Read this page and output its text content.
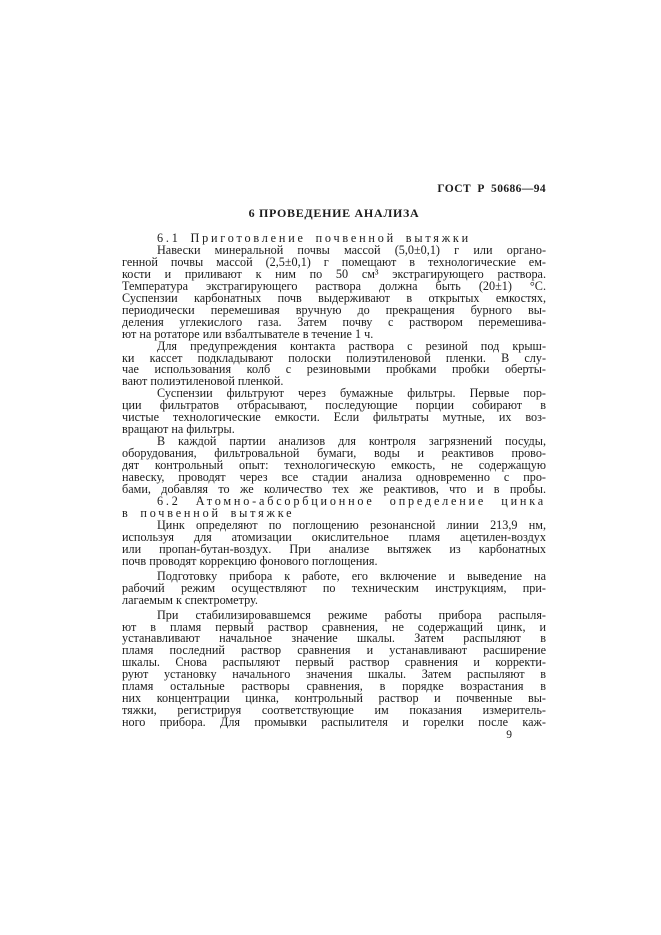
ГОСТ Р 50686—94
6 ПРОВЕДЕНИЕ АНАЛИЗА
6.1 Приготовление почвенной вытяжки
Навески минеральной почвы массой (5,0±0,1) г или органо-
генной почвы массой (2,5±0,1) г помещают в технологические ем-
кости и приливают к ним по 50 см³ экстрагирующего раствора.
Температура экстрагирующего раствора должна быть (20±1) °С.
Суспензии карбонатных почв выдерживают в открытых емкостях,
периодически перемешивая вручную до прекращения бурного вы-
деления углекислого газа. Затем почву с раствором перемешива-
ют на ротаторе или взбалтывателе в течение 1 ч.
Для предупреждения контакта раствора с резиной под крыш-
ки кассет подкладывают полоски полиэтиленовой пленки. В слу-
чае использования колб с резиновыми пробками пробки оберты-
вают полиэтиленовой пленкой.
Суспензии фильтруют через бумажные фильтры. Первые пор-
ции фильтратов отбрасывают, последующие порции собирают в
чистые технологические емкости. Если фильтраты мутные, их воз-
вращают на фильтры.
В каждой партии анализов для контроля загрязнений посуды,
оборудования, фильтровальной бумаги, воды и реактивов прово-
дят контрольный опыт: технологическую емкость, не содержащую
навеску, проводят через все стадии анализа одновременно с про-
бами, добавляя то же количество тех же реактивов, что и в пробы.
6.2 Атомно-абсорбционное определение цинка
в почвенной вытяжке
Цинк определяют по поглощению резонансной линии 213,9 нм,
используя для атомизации окислительное пламя ацетилен-воздух
или пропан-бутан-воздух. При анализе вытяжек из карбонатных
почв проводят коррекцию фонового поглощения.
Подготовку прибора к работе, его включение и выведение на
рабочий режим осуществляют по техническим инструкциям, при-
лагаемым к спектрометру.
При стабилизировавшемся режиме работы прибора распыля-
ют в пламя первый раствор сравнения, не содержащий цинк, и
устанавливают начальное значение шкалы. Затем распыляют в
пламя последний раствор сравнения и устанавливают расширение
шкалы. Снова распыляют первый раствор сравнения и корректи-
руют установку начального значения шкалы. Затем распыляют в
пламя остальные растворы сравнения, в порядке возрастания в
них концентрации цинка, контрольный раствор и почвенные вы-
тяжки, регистрируя соответствующие им показания измеритель-
ного прибора. Для промывки распылителя и горелки после каж-
9
